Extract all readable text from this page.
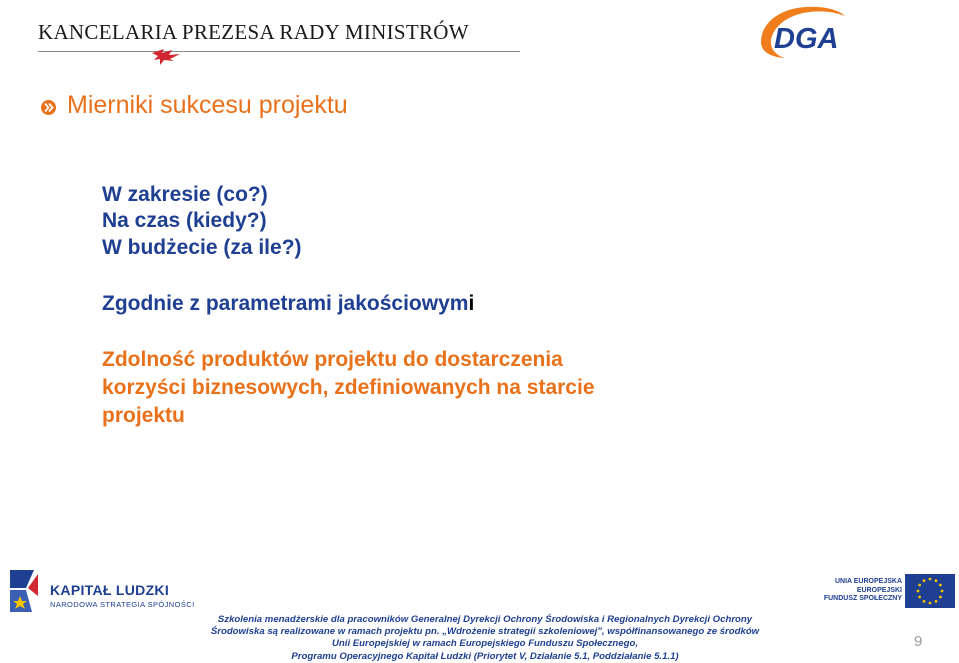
KANCELARIA PREZESA RADY MINISTRÓW	DGA
Mierniki sukcesu projektu
W zakresie (co?)
Na czas (kiedy?)
W budżecie (za ile?)
Zgodnie z parametrami jakościowymi
Zdolność produktów projektu do dostarczenia
korzyści biznesowych, zdefiniowanych na starcie
projektu
KAPITAŁ LUDZKI
NARODOWA STRATEGIA SPÓJNOŚCI
UNIA EUROPEJSKA
EUROPEJSKI
FUNDUSZ SPOŁECZNY
Szkolenia menadżerskie dla pracowników Generalnej Dyrekcji Ochrony Środowiska i Regionalnych Dyrekcji Ochrony
Środowiska są realizowane w ramach projektu pn. „Wdrożenie strategii szkoleniowej", współfinansowanego ze środków
Unii Europejskiej w ramach Europejskiego Funduszu Społecznego,
Programu Operacyjnego Kapitał Ludzki (Priorytet V, Działanie 5.1, Poddziałanie 5.1.1)
9
